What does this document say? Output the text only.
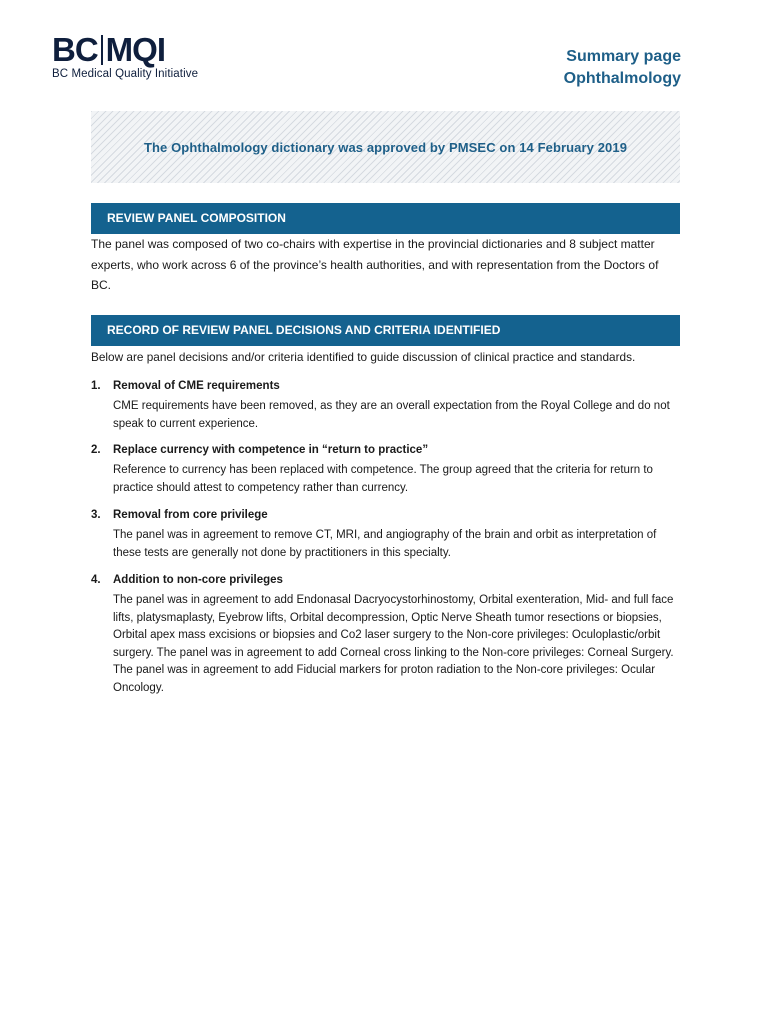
BC MQI
BC Medical Quality Initiative
Summary page
Ophthalmology
The Ophthalmology dictionary was approved by PMSEC on 14 February 2019
REVIEW PANEL COMPOSITION
The panel was composed of two co-chairs with expertise in the provincial dictionaries and 8 subject matter experts, who work across 6 of the province’s health authorities, and with representation from the Doctors of BC.
RECORD OF REVIEW PANEL DECISIONS AND CRITERIA IDENTIFIED
Below are panel decisions and/or criteria identified to guide discussion of clinical practice and standards.
1.	Removal of CME requirements
CME requirements have been removed, as they are an overall expectation from the Royal College and do not speak to current experience.
2.	Replace currency with competence in “return to practice”
Reference to currency has been replaced with competence. The group agreed that the criteria for return to practice should attest to competency rather than currency.
3.	Removal from core privilege
The panel was in agreement to remove CT, MRI, and angiography of the brain and orbit as interpretation of these tests are generally not done by practitioners in this specialty.
4.	Addition to non-core privileges
The panel was in agreement to add Endonasal Dacryocystorhinostomy, Orbital exenteration, Mid- and full face lifts, platysmaplasty, Eyebrow lifts, Orbital decompression, Optic Nerve Sheath tumor resections or biopsies, Orbital apex mass excisions or biopsies and Co2 laser surgery to the Non-core privileges: Oculoplastic/orbit surgery. The panel was in agreement to add Corneal cross linking to the Non-core privileges: Corneal Surgery. The panel was in agreement to add Fiducial markers for proton radiation to the Non-core privileges: Ocular Oncology.
